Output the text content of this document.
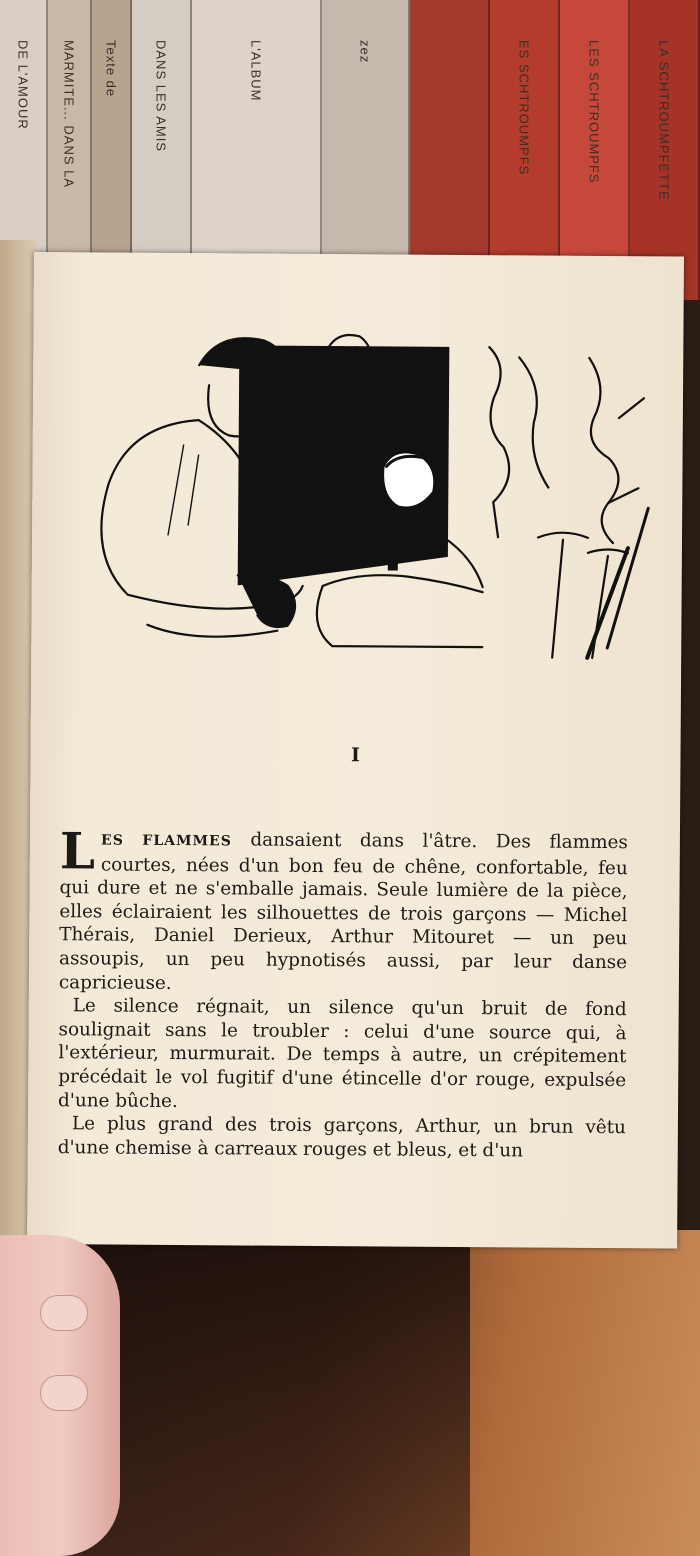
DE L'AMOUR MARMITE... DANS LA Texte de	DANS LES AMIS	L'ALBUM	zez	ES SCHTROUMPFS	LES SCHTROUMPFS	LA SCHTROUMPFETTE
I

LES FLAMMES dansaient dans l'âtre. Des flammes courtes, nées d'un bon feu de chêne, confortable, feu qui dure et ne s'emballe jamais. Seule lumière de la pièce, elles éclairaient les silhouettes de trois garçons — Michel Thérais, Daniel Derieux, Arthur Mitouret — un peu assoupis, un peu hypnotisés aussi, par leur danse capricieuse.

Le silence régnait, un silence qu'un bruit de fond soulignait sans le troubler : celui d'une source qui, à l'extérieur, murmurait. De temps à autre, un crépitement précédait le vol fugitif d'une étincelle d'or rouge, expulsée d'une bûche.

Le plus grand des trois garçons, Arthur, un brun vêtu d'une chemise à carreaux rouges et bleus, et d'un
